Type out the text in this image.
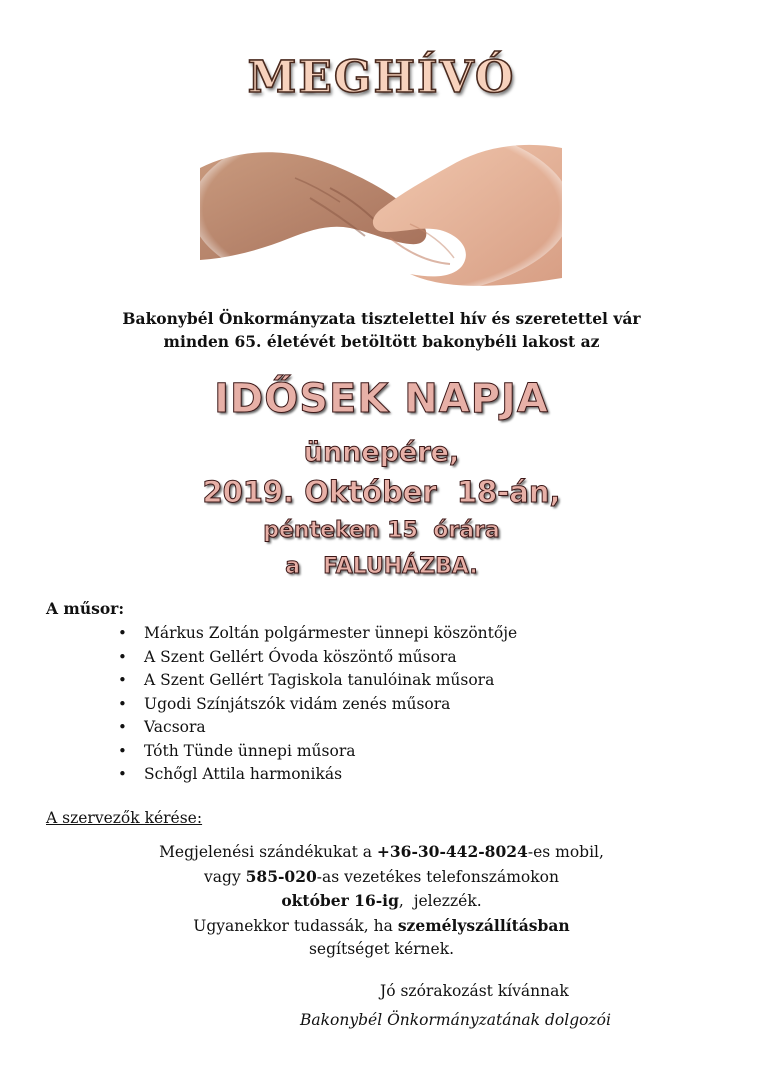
MEGHÍVÓ
Bakonybél Önkormányzata tisztelettel hív és szeretettel vár
minden 65. életévét betöltött bakonybéli lakost az
IDŐSEK NAPJA
ünnepére,
2019. Október  18-án,
pénteken 15  órára
a   FALUHÁZBA.
A műsor:
• Márkus Zoltán polgármester ünnepi köszöntője
• A Szent Gellért Óvoda köszöntő műsora
• A Szent Gellért Tagiskola tanulóinak műsora
• Ugodi Színjátszók vidám zenés műsora
• Vacsora
• Tóth Tünde ünnepi műsora
• Schőgl Attila harmonikás
A szervezők kérése:
Megjelenési szándékukat a +36-30-442-8024-es mobil,
vagy 585-020-as vezetékes telefonszámokon
október 16-ig,  jelezzék.
Ugyanekkor tudassák, ha személyszállításban
segítséget kérnek.
Jó szórakozást kívánnak
Bakonybél Önkormányzatának dolgozói
